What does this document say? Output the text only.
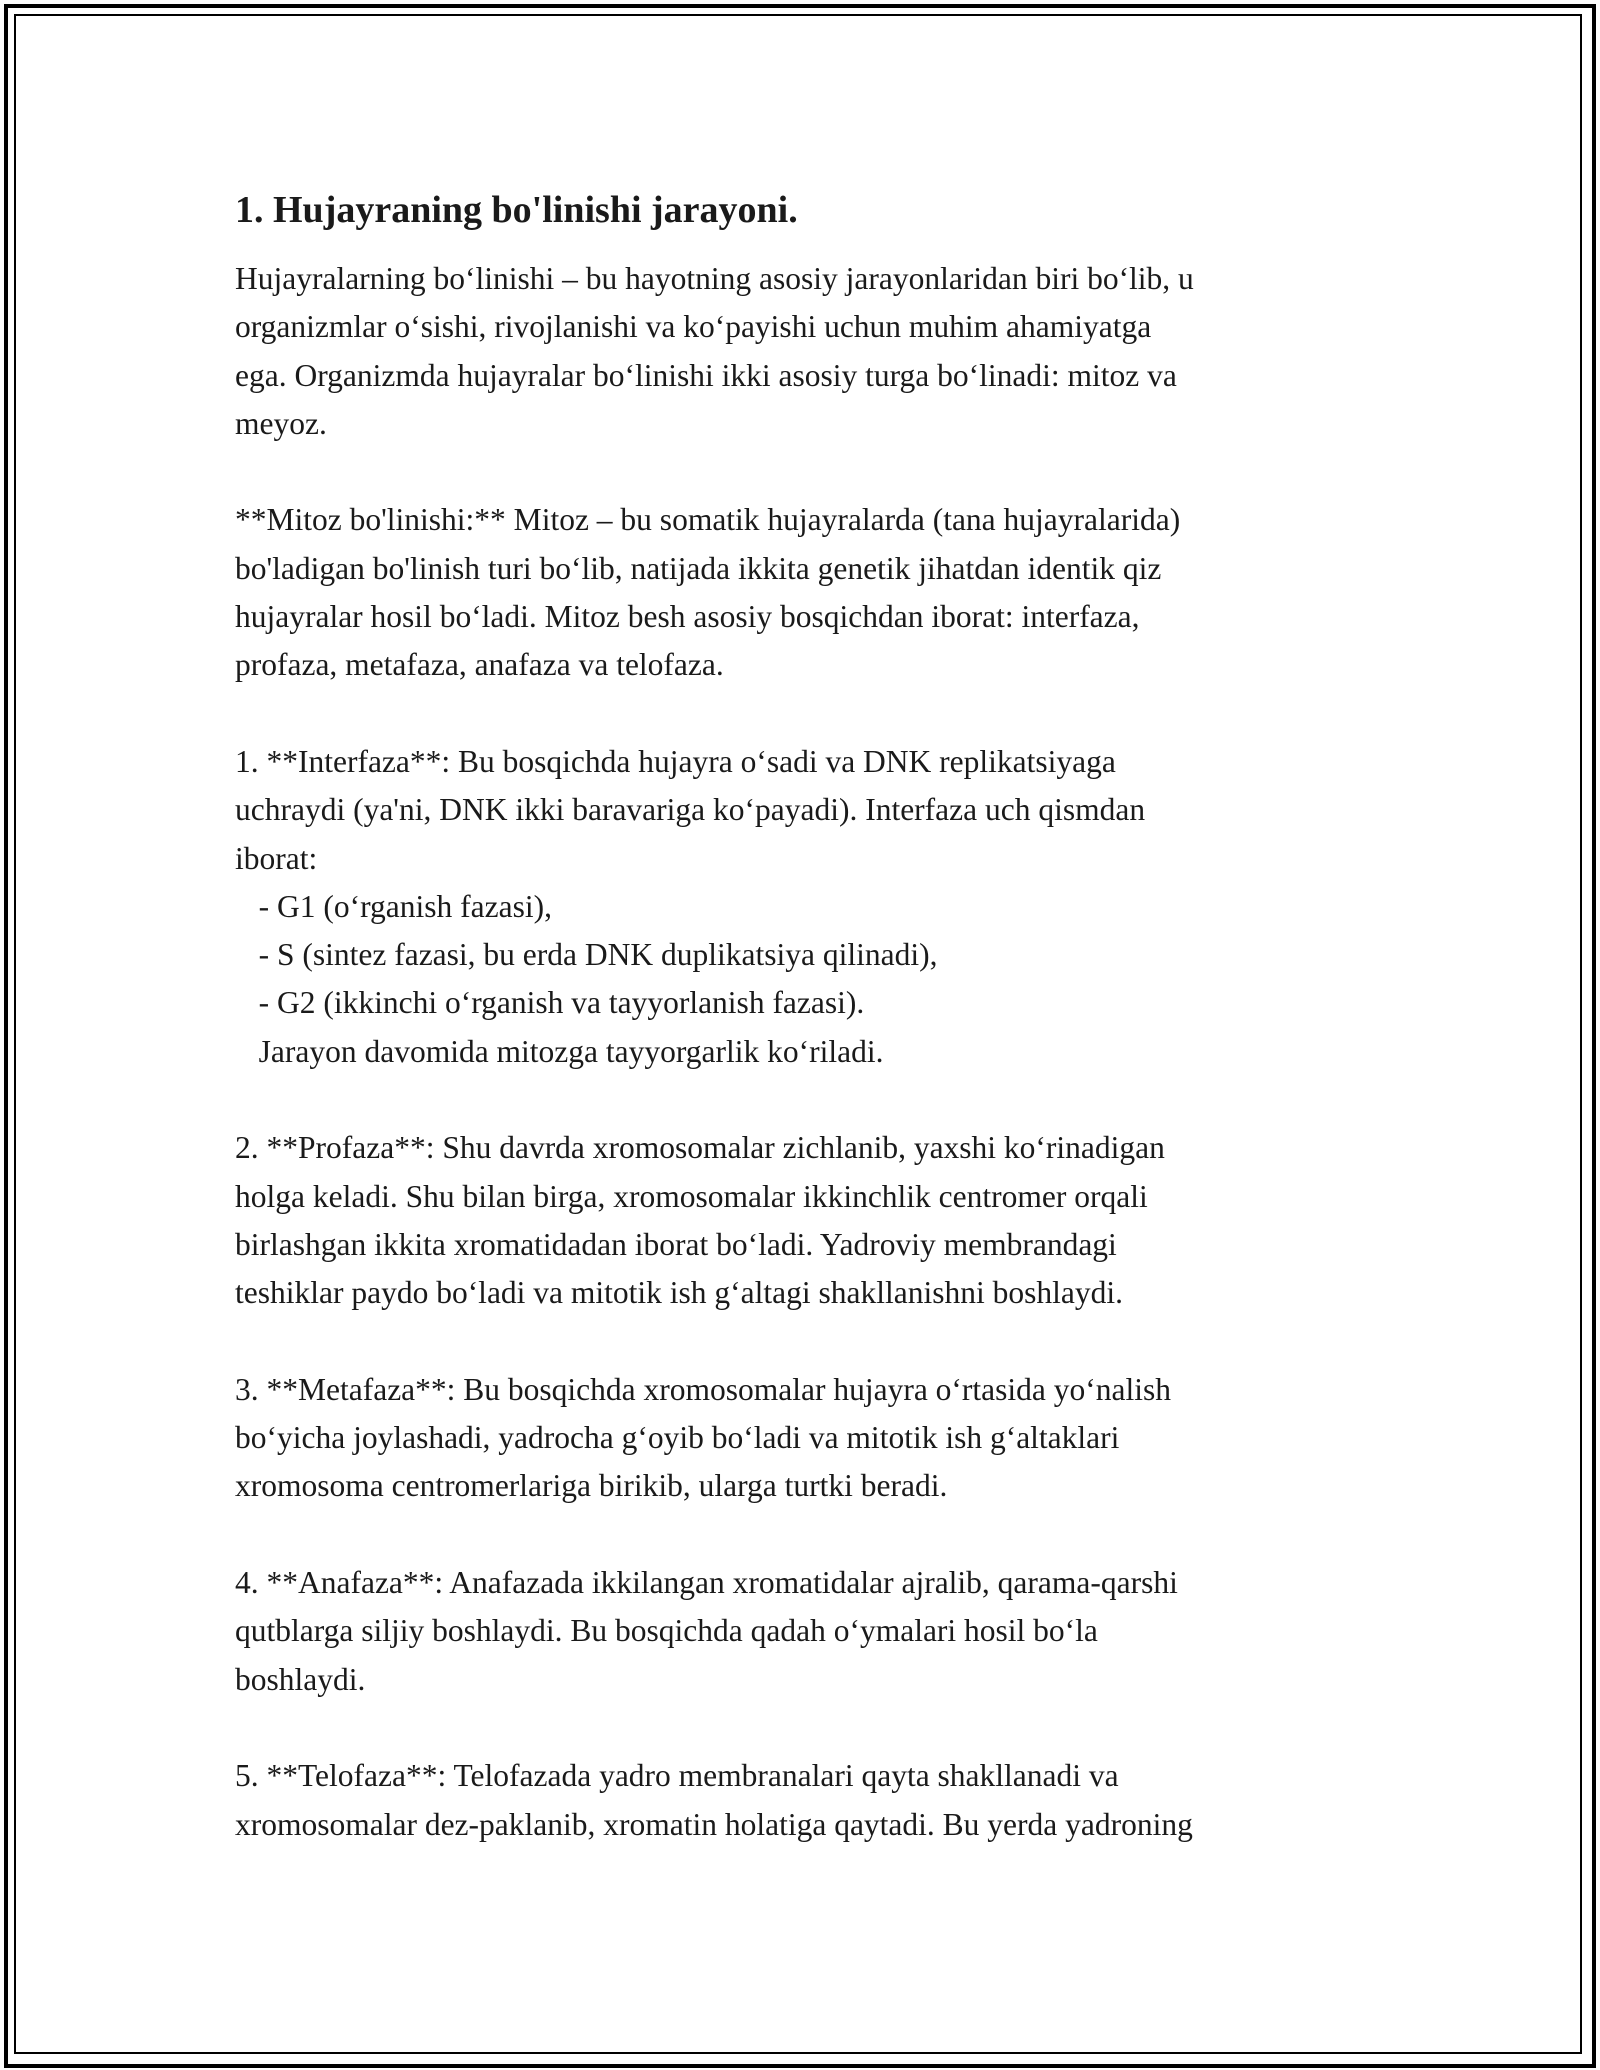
1. Hujayraning bo'linishi jarayoni.

Hujayralarning bo‘linishi – bu hayotning asosiy jarayonlaridan biri bo‘lib, u

organizmlar o‘sishi, rivojlanishi va ko‘payishi uchun muhim ahamiyatga

ega. Organizmda hujayralar bo‘linishi ikki asosiy turga bo‘linadi: mitoz va

meyoz.

**Mitoz bo'linishi:** Mitoz – bu somatik hujayralarda (tana hujayralarida)

bo'ladigan bo'linish turi bo‘lib, natijada ikkita genetik jihatdan identik qiz

hujayralar hosil bo‘ladi. Mitoz besh asosiy bosqichdan iborat: interfaza,

profaza, metafaza, anafaza va telofaza.

1. **Interfaza**: Bu bosqichda hujayra o‘sadi va DNK replikatsiyaga

uchraydi (ya'ni, DNK ikki baravariga ko‘payadi). Interfaza uch qismdan

iborat:

- G1 (o‘rganish fazasi),

- S (sintez fazasi, bu erda DNK duplikatsiya qilinadi),

- G2 (ikkinchi o‘rganish va tayyorlanish fazasi).

Jarayon davomida mitozga tayyorgarlik ko‘riladi.

2. **Profaza**: Shu davrda xromosomalar zichlanib, yaxshi ko‘rinadigan

holga keladi. Shu bilan birga, xromosomalar ikkinchlik centromer orqali

birlashgan ikkita xromatidadan iborat bo‘ladi. Yadroviy membrandagi

teshiklar paydo bo‘ladi va mitotik ish g‘altagi shakllanishni boshlaydi.

3. **Metafaza**: Bu bosqichda xromosomalar hujayra o‘rtasida yo‘nalish

bo‘yicha joylashadi, yadrocha g‘oyib bo‘ladi va mitotik ish g‘altaklari

xromosoma centromerlariga birikib, ularga turtki beradi.

4. **Anafaza**: Anafazada ikkilangan xromatidalar ajralib, qarama-qarshi

qutblarga siljiy boshlaydi. Bu bosqichda qadah o‘ymalari hosil bo‘la

boshlaydi.

5. **Telofaza**: Telofazada yadro membranalari qayta shakllanadi va

xromosomalar dez-paklanib, xromatin holatiga qaytadi. Bu yerda yadroning
